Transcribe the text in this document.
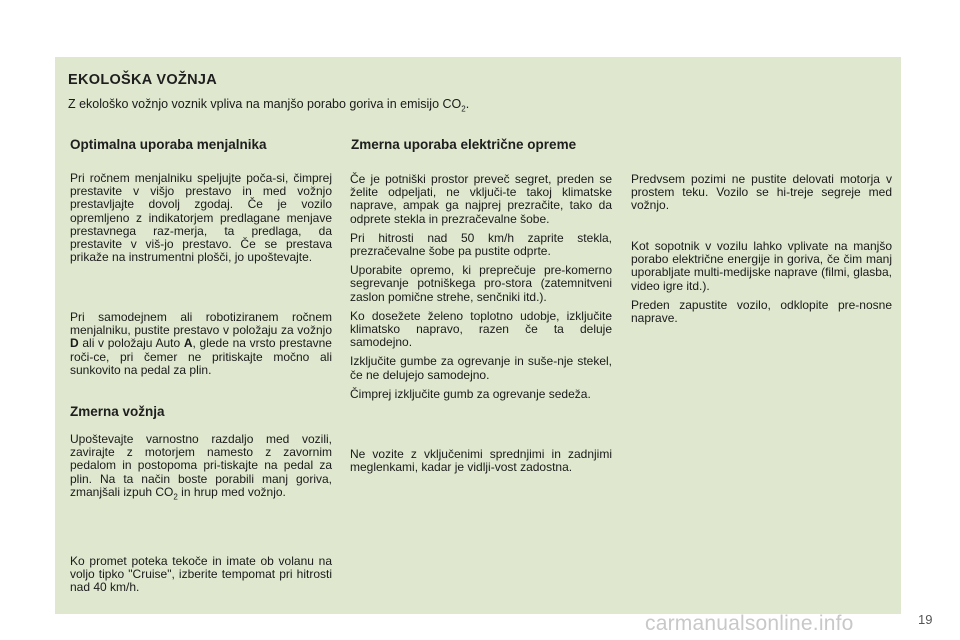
EKOLOŠKA VOŽNJA

Z ekološko vožnjo voznik vpliva na manjšo porabo goriva in emisijo $CO_2$.

Optimalna uporaba menjalnika

Pri ročnem menjalniku speljujte poča-si, čimprej prestavite v višjo prestavo in med vožnjo prestavljajte dovolj zgodaj. Če je vozilo opremljeno z indikatorjem predlagane menjave prestavnega raz-merja, ta predlaga, da prestavite v viš-jo prestavo. Če se prestava prikaže na instrumentni plošči, jo upoštevajte.

Pri samodejnem ali robotiziranem ročnem menjalniku, pustite prestavo v položaju za vožnjo D ali v položaju Auto A, glede na vrsto prestavne roči-ce, pri čemer ne pritiskajte močno ali sunkovito na pedal za plin.

Zmerna vožnja

Upoštevajte varnostno razdaljo med vozili, zavirajte z motorjem namesto z zavornim pedalom in postopoma pri-tiskajte na pedal za plin. Na ta način boste porabili manj goriva, zmanjšali izpuh $CO_2$ in hrup med vožnjo.

Ko promet poteka tekoče in imate ob volanu na voljo tipko "Cruise", izberite tempomat pri hitrosti nad 40 km/h.

Zmerna uporaba električne opreme

Če je potniški prostor preveč segret, preden se želite odpeljati, ne vključi-te takoj klimatske naprave, ampak ga najprej prezračite, tako da odprete stekla in prezračevalne šobe.

Pri hitrosti nad 50 km/h zaprite stekla, prezračevalne šobe pa pustite odprte.

Uporabite opremo, ki preprečuje pre-komerno segrevanje potniškega pro-stora (zatemnitveni zaslon pomične strehe, senčniki itd.).

Ko dosežete želeno toplotno udobje, izključite klimatsko napravo, razen če ta deluje samodejno.

Izključite gumbe za ogrevanje in suše-nje stekel, če ne delujejo samodejno.

Čimprej izključite gumb za ogrevanje sedeža.

Ne vozite z vključenimi sprednjimi in zadnjimi meglenkami, kadar je vidlji-vost zadostna.

Predvsem pozimi ne pustite delovati motorja v prostem teku. Vozilo se hi-treje segreje med vožnjo.

Kot sopotnik v vozilu lahko vplivate na manjšo porabo električne energije in goriva, če čim manj uporabljate multi-medijske naprave (filmi, glasba, video igre itd.).

Preden zapustite vozilo, odklopite pre-nosne naprave.

carmanualsonline.info	19
